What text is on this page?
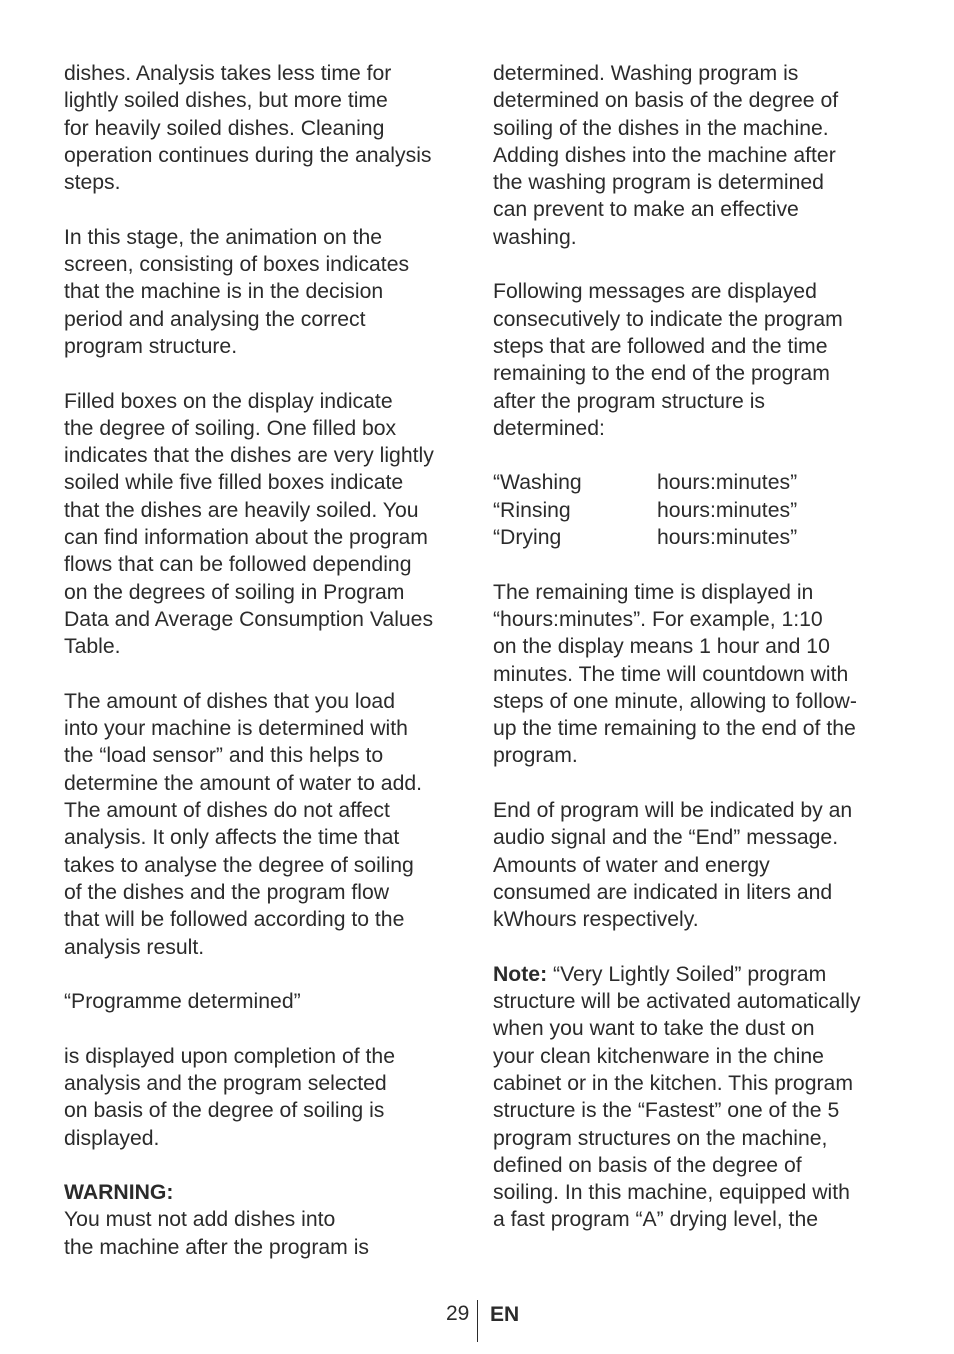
dishes. Analysis takes less time for
lightly soiled dishes, but more time
for heavily soiled dishes. Cleaning
operation continues during the analysis
steps.

In this stage, the animation on the
screen, consisting of boxes indicates
that the machine is in the decision
period and analysing the correct
program structure.

Filled boxes on the display indicate
the degree of soiling. One filled box
indicates that the dishes are very lightly
soiled while five filled boxes indicate
that the dishes are heavily soiled. You
can find information about the program
flows that can be followed depending
on the degrees of soiling in Program
Data and Average Consumption Values
Table.

The amount of dishes that you load
into your machine is determined with
the “load sensor” and this helps to
determine the amount of water to add.
The amount of dishes do not affect
analysis. It only affects the time that
takes to analyse the degree of soiling
of the dishes and the program flow
that will be followed according to the
analysis result.

“Programme determined”

is displayed upon completion of the
analysis and the program selected
on basis of the degree of soiling is
displayed.

WARNING:
You must not add dishes into
the machine after the program is

determined. Washing program is
determined on basis of the degree of
soiling of the dishes in the machine.
Adding dishes into the machine after
the washing program is determined
can prevent to make an effective
washing.

Following messages are displayed
consecutively to indicate the program
steps that are followed and the time
remaining to the end of the program
after the program structure is
determined:

“Washing	hours:minutes”
“Rinsing	hours:minutes”
“Drying	hours:minutes”

The remaining time is displayed in
“hours:minutes”. For example, 1:10
on the display means 1 hour and 10
minutes. The time will countdown with
steps of one minute, allowing to follow-
up the time remaining to the end of the
program.

End of program will be indicated by an
audio signal and the “End” message.
Amounts of water and energy
consumed are indicated in liters and
kWhours respectively.

Note: “Very Lightly Soiled” program
structure will be activated automatically
when you want to take the dust on
your clean kitchenware in the chine
cabinet or in the kitchen. This program
structure is the “Fastest” one of the 5
program structures on the machine,
defined on basis of the degree of
soiling. In this machine, equipped with
a fast program “A” drying level, the

29 EN
